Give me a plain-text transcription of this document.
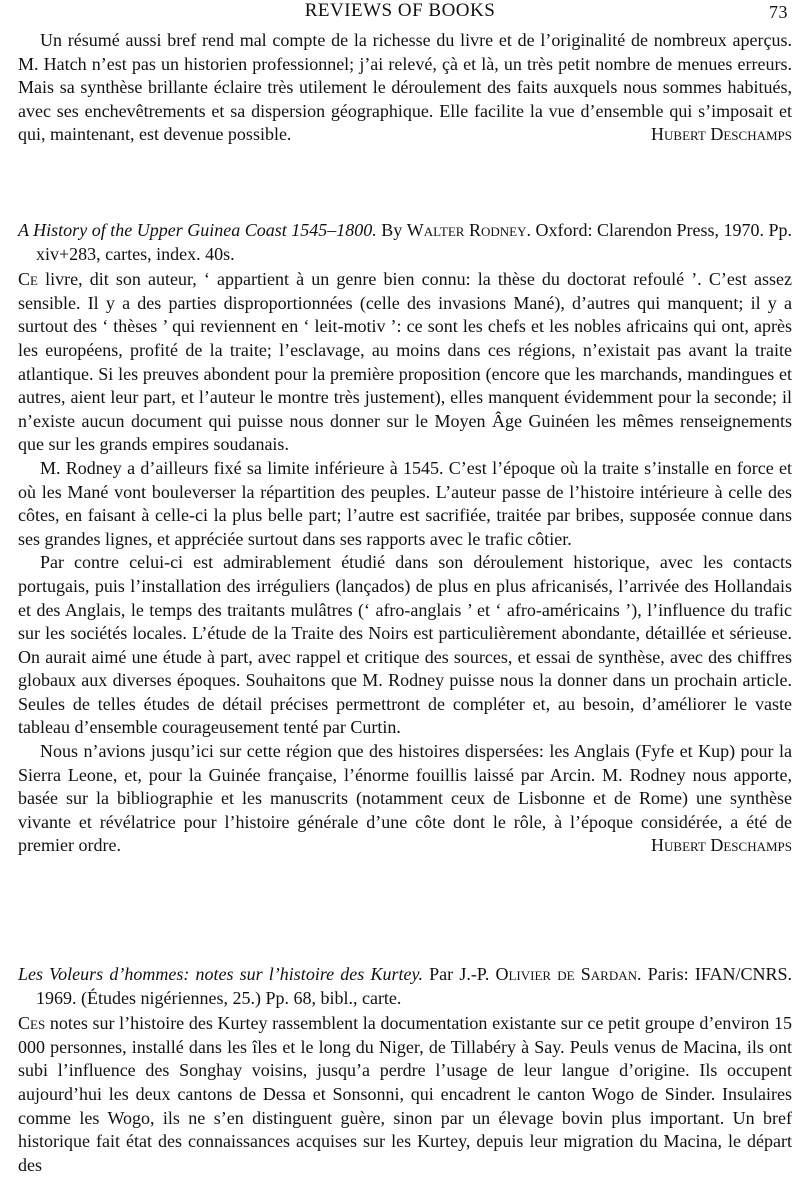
REVIEWS OF BOOKS	73

Un résumé aussi bref rend mal compte de la richesse du livre et de l’originalité de nombreux aperçus. M. Hatch n’est pas un historien professionnel; j’ai relevé, çà et là, un très petit nombre de menues erreurs. Mais sa synthèse brillante éclaire très utilement le déroulement des faits auxquels nous sommes habitués, avec ses enchevêtrements et sa dispersion géographique. Elle facilite la vue d’ensemble qui s’imposait et qui, maintenant, est devenue possible.	Hubert Deschamps
A History of the Upper Guinea Coast 1545–1800. By Walter Rodney. Oxford: Clarendon Press, 1970. Pp. xiv+283, cartes, index. 40s.

Ce livre, dit son auteur, ‘ appartient à un genre bien connu: la thèse du doctorat refoulé ’. C’est assez sensible. Il y a des parties disproportionnées (celle des invasions Mané), d’autres qui manquent; il y a surtout des ‘ thèses ’ qui reviennent en ‘ leit-motiv ’: ce sont les chefs et les nobles africains qui ont, après les européens, profité de la traite; l’esclavage, au moins dans ces régions, n’existait pas avant la traite atlantique. Si les preuves abondent pour la première proposition (encore que les marchands, mandingues et autres, aient leur part, et l’auteur le montre très justement), elles manquent évidemment pour la seconde; il n’existe aucun document qui puisse nous donner sur le Moyen Âge Guinéen les mêmes renseignements que sur les grands empires soudanais.

M. Rodney a d’ailleurs fixé sa limite inférieure à 1545. C’est l’époque où la traite s’installe en force et où les Mané vont bouleverser la répartition des peuples. L’auteur passe de l’histoire intérieure à celle des côtes, en faisant à celle-ci la plus belle part; l’autre est sacrifiée, traitée par bribes, supposée connue dans ses grandes lignes, et appréciée surtout dans ses rapports avec le trafic côtier.

Par contre celui-ci est admirablement étudié dans son déroulement historique, avec les contacts portugais, puis l’installation des irréguliers (lançados) de plus en plus africanisés, l’arrivée des Hollandais et des Anglais, le temps des traitants mulâtres (‘ afro-anglais ’ et ‘ afro-américains ’), l’influence du trafic sur les sociétés locales. L’étude de la Traite des Noirs est particulièrement abondante, détaillée et sérieuse. On aurait aimé une étude à part, avec rappel et critique des sources, et essai de synthèse, avec des chiffres globaux aux diverses époques. Souhaitons que M. Rodney puisse nous la donner dans un prochain article. Seules de telles études de détail précises permettront de compléter et, au besoin, d’améliorer le vaste tableau d’ensemble courageusement tenté par Curtin.

Nous n’avions jusqu’ici sur cette région que des histoires dispersées: les Anglais (Fyfe et Kup) pour la Sierra Leone, et, pour la Guinée française, l’énorme fouillis laissé par Arcin. M. Rodney nous apporte, basée sur la bibliographie et les manuscrits (notamment ceux de Lisbonne et de Rome) une synthèse vivante et révélatrice pour l’histoire générale d’une côte dont le rôle, à l’époque considérée, a été de premier ordre.	Hubert Deschamps

Les Voleurs d’hommes: notes sur l’histoire des Kurtey. Par J.-P. Olivier de Sardan. Paris: IFAN/CNRS. 1969. (Études nigériennes, 25.) Pp. 68, bibl., carte.

Ces notes sur l’histoire des Kurtey rassemblent la documentation existante sur ce petit groupe d’environ 15 000 personnes, installé dans les îles et le long du Niger, de Tillabéry à Say. Peuls venus de Macina, ils ont subi l’influence des Songhay voisins, jusqu’a perdre l’usage de leur langue d’origine. Ils occupent aujourd’hui les deux cantons de Dessa et Sonsonni, qui encadrent le canton Wogo de Sinder. Insulaires comme les Wogo, ils ne s’en distinguent guère, sinon par un élevage bovin plus important. Un bref historique fait état des connaissances acquises sur les Kurtey, depuis leur migration du Macina, le départ des
